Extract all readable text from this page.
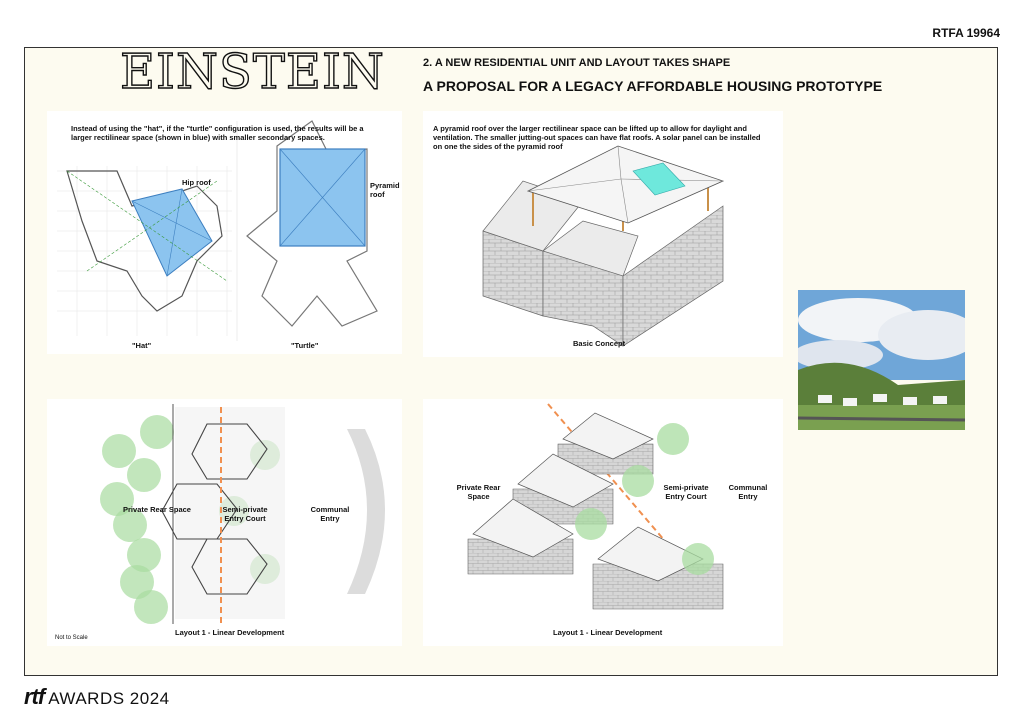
RTFA 19964
EINSTEIN	2. A NEW RESIDENTIAL UNIT AND LAYOUT TAKES SHAPE
A PROPOSAL FOR A LEGACY AFFORDABLE HOUSING PROTOTYPE
Instead of using the "hat", if the "turtle" configuration is used, the results will be a larger rectilinear space (shown in blue) with smaller secondary spaces.
Hip roof	Pyramid roof
"Hat"	"Turtle"
A pyramid roof over the larger rectilinear space can be lifted up to allow for daylight and ventilation. The smaller jutting-out spaces can have flat roofs. A solar panel can be installed on one the sides of the pyramid roof
Basic Concept
Private Rear Space	Semi-private Entry Court
Communal Entry
Layout 1 - Linear Development
Not to Scale
Private Rear Space
Semi-private Entry Court
Communal Entry
Layout 1 - Linear Development
rtf AWARDS 2024
